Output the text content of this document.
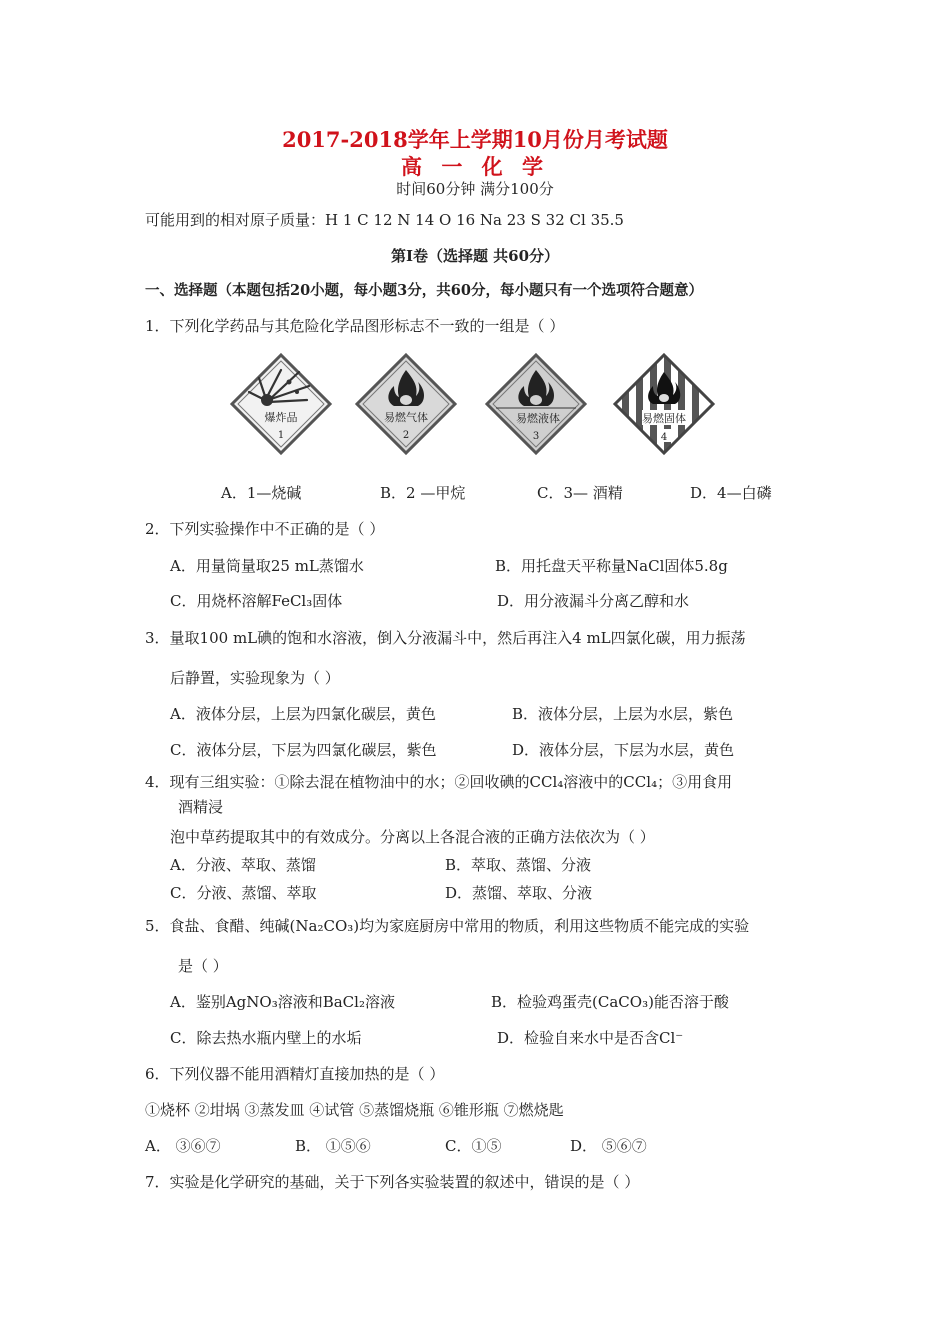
2017-2018学年上学期10月份月考试题
高 一 化 学
时间60分钟 满分100分
可能用到的相对原子质量：H 1 C 12 N 14 O 16 Na 23 S 32 Cl 35.5
第Ⅰ卷（选择题 共60分）
一、选择题（本题包括20小题，每小题3分，共60分，每小题只有一个选项符合题意）
1．下列化学药品与其危险化学品图形标志不一致的一组是（ ）
爆炸品
1
易燃气体
2
易燃液体
3
易燃固体
4
A．1—烧碱	B．2 —甲烷	C．3— 酒精	D．4—白磷
2．下列实验操作中不正确的是（ ）
A．用量筒量取25 mL蒸馏水	B．用托盘天平称量NaCl固体5.8g
C．用烧杯溶解FeCl₃固体	D．用分液漏斗分离乙醇和水
3．量取100 mL碘的饱和水溶液，倒入分液漏斗中，然后再注入4 mL四氯化碳，用力振荡
后静置，实验现象为（ ）
A．液体分层，上层为四氯化碳层，黄色	B．液体分层，上层为水层，紫色
C．液体分层，下层为四氯化碳层，紫色	D．液体分层，下层为水层，黄色
4．现有三组实验：①除去混在植物油中的水；②回收碘的CCl₄溶液中的CCl₄；③用食用
酒精浸
泡中草药提取其中的有效成分。分离以上各混合液的正确方法依次为（ ）
A．分液、萃取、蒸馏	B．萃取、蒸馏、分液
C．分液、蒸馏、萃取	D．蒸馏、萃取、分液
5．食盐、食醋、纯碱(Na₂CO₃)均为家庭厨房中常用的物质，利用这些物质不能完成的实验
是（ ）
A．鉴别AgNO₃溶液和BaCl₂溶液	B．检验鸡蛋壳(CaCO₃)能否溶于酸
C．除去热水瓶内壁上的水垢	D．检验自来水中是否含Cl⁻
6．下列仪器不能用酒精灯直接加热的是（ ）
①烧杯 ②坩埚 ③蒸发皿 ④试管 ⑤蒸馏烧瓶 ⑥锥形瓶 ⑦燃烧匙
A． ③⑥⑦	B． ①⑤⑥	C．①⑤	D． ⑤⑥⑦
7．实验是化学研究的基础，关于下列各实验装置的叙述中，错误的是（ ）
